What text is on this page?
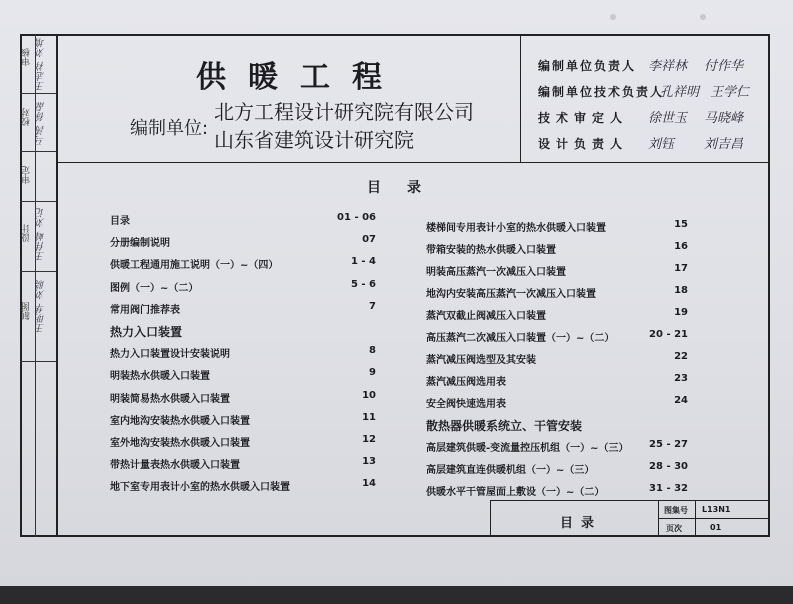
审核 王志祥 刘增
校对 马涛 徐晶
审定
设计 王伟峰 刘记
制图 王明华 刘晓
供暖工程
编制单位:
北方工程设计研究院有限公司
山东省建筑设计研究院
编制单位负责人 李祥林 付作华
编制单位技术负责人
孔祥明 王学仁
技术审定人 徐世玉 马晓峰
设计负责人 刘钰 刘吉昌
目录
目录	01 - 06
分册编制说明	07
供暖工程通用施工说明（一）~（四）	1 - 4
图例（一）~（二）	5 - 6
常用阀门推荐表	7
热力入口装置
热力入口装置设计安装说明	8
明装热水供暖入口装置	9
明装简易热水供暖入口装置	10
室内地沟安装热水供暖入口装置	11
室外地沟安装热水供暖入口装置	12
带热计量表热水供暖入口装置	13
地下室专用表计小室的热水供暖入口装置	14
楼梯间专用表计小室的热水供暖入口装置	15
带箱安装的热水供暖入口装置	16
明装高压蒸汽一次减压入口装置	17
地沟内安装高压蒸汽一次减压入口装置	18
蒸汽双截止阀减压入口装置	19
高压蒸汽二次减压入口装置（一）~（二）	20 - 21
蒸汽减压阀选型及其安装	22
蒸汽减压阀选用表	23
安全阀快速选用表	24
散热器供暖系统立、干管安装
高层建筑供暖-变流量控压机组（一）~（三） 25 - 27
高层建筑直连供暖机组（一）~（三）	28 - 30
供暖水平干管屋面上敷设（一）~（二）	31 - 32
目录
图集号 L13N1
页次	01
